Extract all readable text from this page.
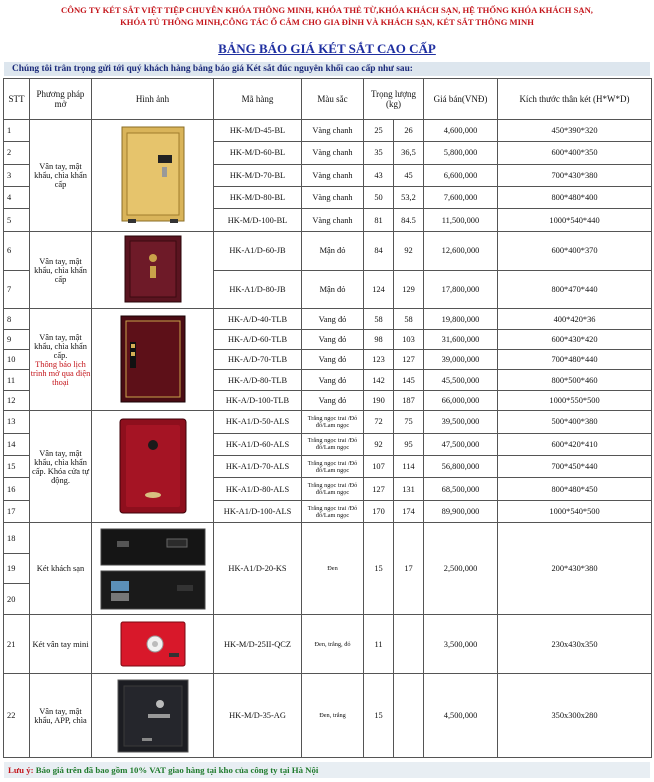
CÔNG TY KÉT SẮT VIỆT TIỆP CHUYÊN KHÓA THÔNG MINH, KHÓA THẺ TỪ,KHÓA KHÁCH SẠN, HỆ THỐNG KHÓA KHÁCH SẠN,
KHÓA TỦ THÔNG MINH,CÔNG TÁC Ổ CẮM CHO GIA ĐÌNH VÀ KHÁCH SẠN, KÉT SẮT THÔNG MINH
BẢNG BÁO GIÁ KÉT SẮT CAO CẤP
Chúng tôi trân trọng gửi tới quý khách hàng bảng báo giá Két sắt đúc nguyên khối cao cấp như sau:
STT	Phương pháp mở	Hình ảnh	Mã hàng	Màu sắc	Trọng lượng (kg)		Giá bán(VNĐ)	Kích thước thân két (H*W*D)
1	Vân tay, mật khẩu, chìa khẩn cấp		HK-M/D-45-BL	Vàng chanh	25	26	4,600,000	450*390*320
2			HK-M/D-60-BL	Vàng chanh	35	36,5	5,800,000	600*400*350
3			HK-M/D-70-BL	Vàng chanh	43	45	6,600,000	700*430*380
4			HK-M/D-80-BL	Vàng chanh	50	53,2	7,600,000	800*480*400
5			HK-M/D-100-BL	Vàng chanh	81	84.5	11,500,000	1000*540*440
6	Vân tay, mật khẩu, chìa khẩn cấp		HK-A1/D-60-JB	Mận đỏ	84	92	12,600,000	600*400*370
7			HK-A1/D-80-JB	Mận đỏ	124	129	17,800,000	800*470*440
8	Vân tay, mật khẩu, chìa khẩn cấp.
Thông báo lịch trình mở qua điện thoại		HK-A/D-40-TLB	Vang đỏ	58	58	19,800,000	400*420*36
9			HK-A/D-60-TLB	Vang đỏ	98	103	31,600,000	600*430*420
10			HK-A/D-70-TLB	Vang đỏ	123	127	39,000,000	700*480*440
11			HK-A/D-80-TLB	Vang đỏ	142	145	45,500,000	800*500*460
12			HK-A/D-100-TLB	Vang đỏ	190	187	66,000,000	1000*550*500
13	Vân tay, mật khẩu, chìa khẩn cấp. Khóa cửa tự động.		HK-A1/D-50-ALS	Trắng ngọc trai /Đỏ đô/Lam ngọc	72	75	39,500,000	500*400*380
14			HK-A1/D-60-ALS	Trắng ngọc trai /Đỏ đô/Lam ngọc	92	95	47,500,000	600*420*410
15			HK-A1/D-70-ALS	Trắng ngọc trai /Đỏ đô/Lam ngọc	107	114	56,800,000	700*450*440
16			HK-A1/D-80-ALS	Trắng ngọc trai /Đỏ đô/Lam ngọc	127	131	68,500,000	800*480*450
17			HK-A1/D-100-ALS	Trắng ngọc trai /Đỏ đô/Lam ngọc	170	174	89,900,000	1000*540*500
18	Két khách sạn		HK-A1/D-20-KS	Đen	15	17	2,500,000	200*430*380
19								
20								
21	Két vân tay mini		HK-M/D-25II-QCZ	Đen, trắng, đỏ	11		3,500,000	230x430x350
22	Vân tay, mật khẩu, APP, chìa		HK-M/D-35-AG	Đen, trắng	15		4,500,000	350x300x280
Lưu ý: Báo giá trên đã bao gồm 10% VAT giao hàng tại kho của công ty tại Hà Nội
